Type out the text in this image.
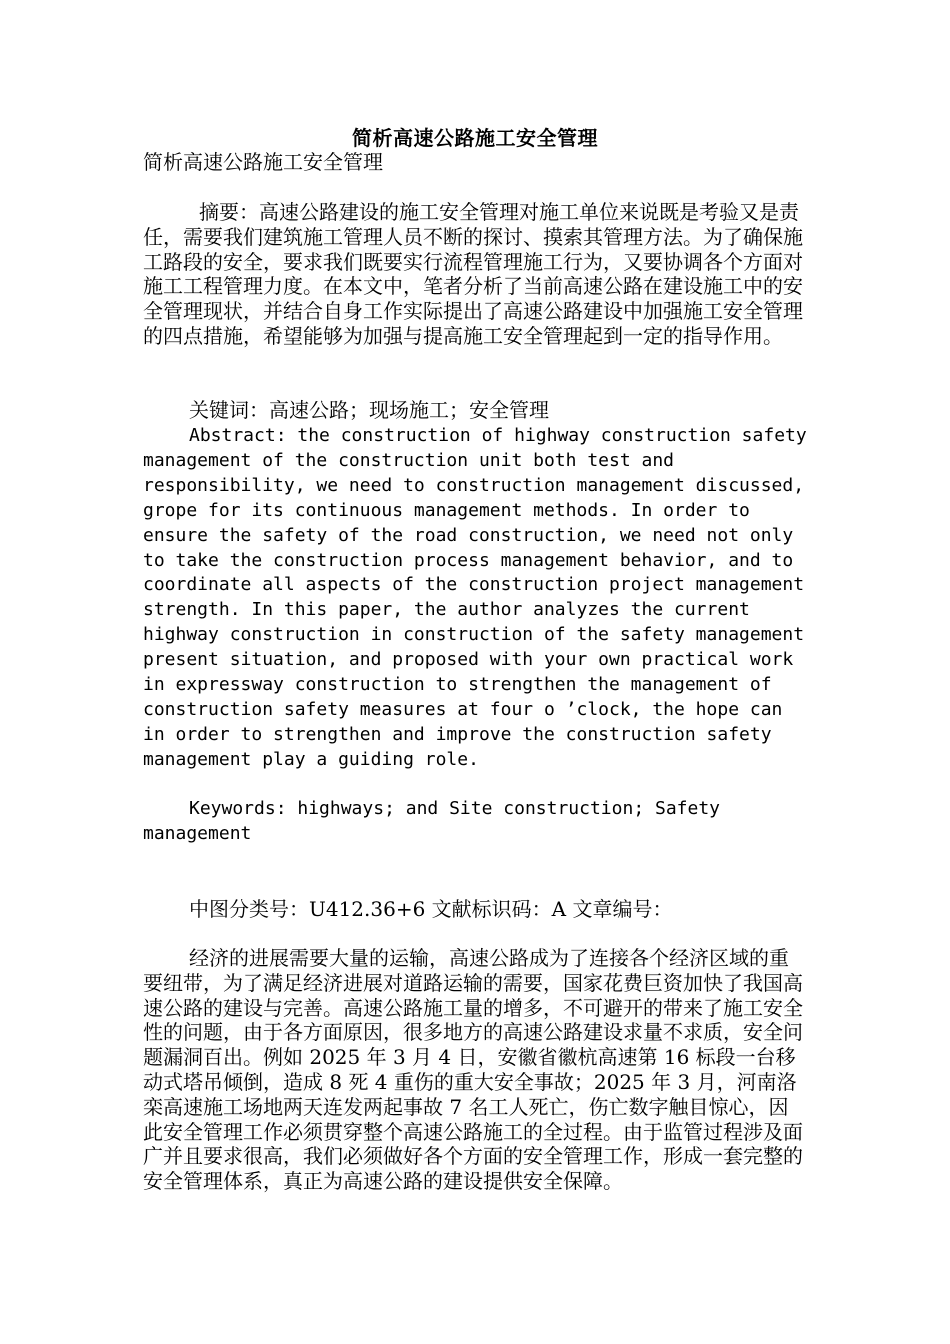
简析高速公路施工安全管理
简析高速公路施工安全管理
摘要：高速公路建设的施工安全管理对施工单位来说既是考验又是责任，需要我们建筑施工管理人员不断的探讨、摸索其管理方法。为了确保施工路段的安全，要求我们既要实行流程管理施工行为，又要协调各个方面对施工工程管理力度。在本文中，笔者分析了当前高速公路在建设施工中的安全管理现状，并结合自身工作实际提出了高速公路建设中加强施工安全管理的四点措施，希望能够为加强与提高施工安全管理起到一定的指导作用。
关键词：高速公路；现场施工；安全管理
Abstract: the construction of highway construction safety management of the construction unit both test and responsibility, we need to construction management discussed, grope for its continuous management methods. In order to ensure the safety of the road construction, we need not only to take the construction process management behavior, and to coordinate all aspects of the construction project management strength. In this paper, the author analyzes the current highway construction in construction of the safety management present situation, and proposed with your own practical work in expressway construction to strengthen the management of construction safety measures at four o ’clock, the hope can in order to strengthen and improve the construction safety management play a guiding role.
Keywords: highways; and Site construction; Safety management
中图分类号：U412.36+6 文献标识码：A 文章编号：
经济的进展需要大量的运输，高速公路成为了连接各个经济区域的重要纽带，为了满足经济进展对道路运输的需要，国家花费巨资加快了我国高速公路的建设与完善。高速公路施工量的增多，不可避开的带来了施工安全性的问题，由于各方面原因，很多地方的高速公路建设求量不求质，安全问题漏洞百出。例如 2025 年 3 月 4 日，安徽省徽杭高速第 16 标段一台移动式塔吊倾倒，造成 8 死 4 重伤的重大安全事故；2025 年 3 月，河南洛栾高速施工场地两天连发两起事故 7 名工人死亡，伤亡数字触目惊心，因此安全管理工作必须贯穿整个高速公路施工的全过程。由于监管过程涉及面广并且要求很高，我们必须做好各个方面的安全管理工作，形成一套完整的安全管理体系，真正为高速公路的建设提供安全保障。
